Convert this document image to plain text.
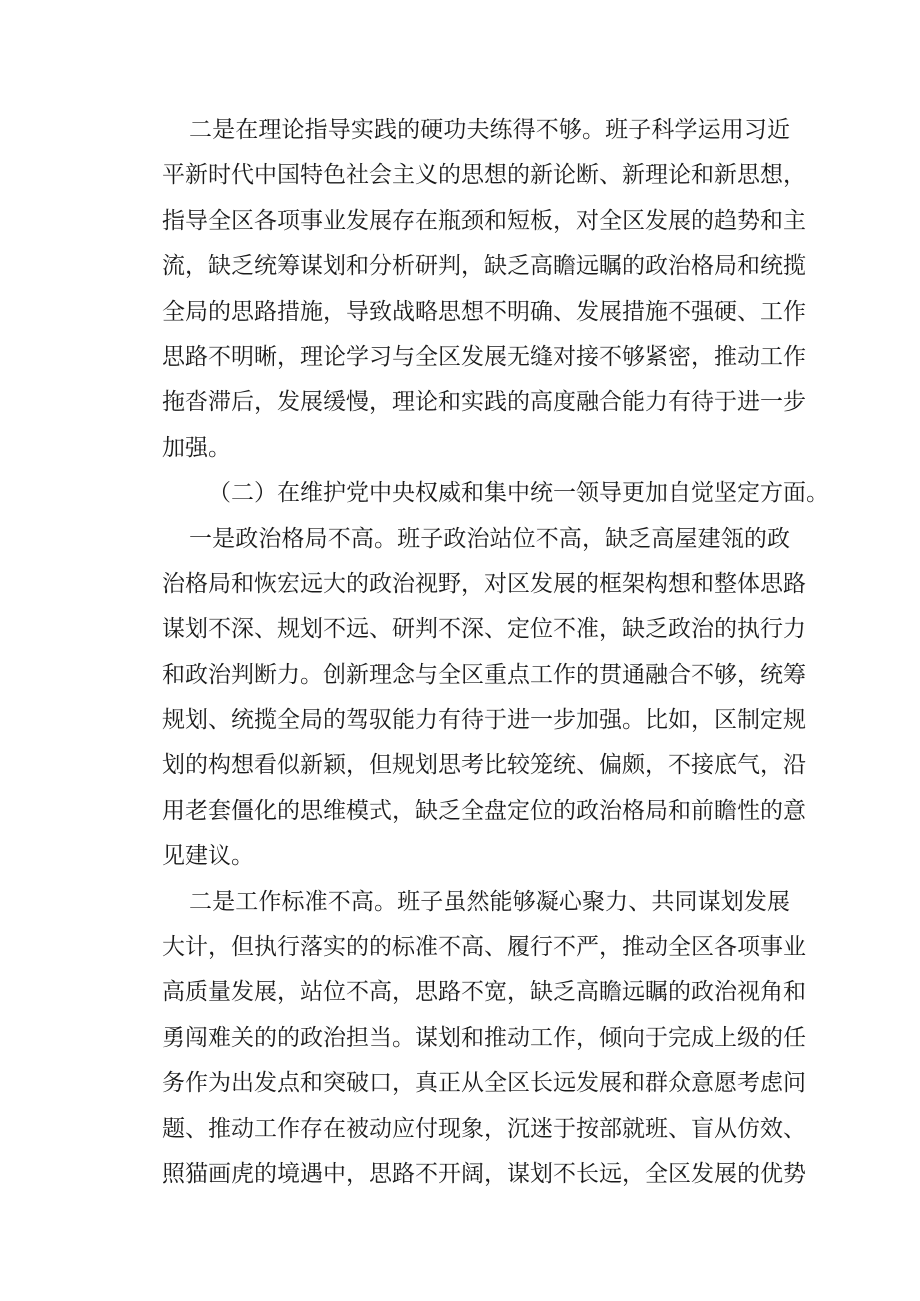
二是在理论指导实践的硬功夫练得不够。班子科学运用习近
平新时代中国特色社会主义的思想的新论断、新理论和新思想，
指导全区各项事业发展存在瓶颈和短板，对全区发展的趋势和主
流，缺乏统筹谋划和分析研判，缺乏高瞻远瞩的政治格局和统揽
全局的思路措施，导致战略思想不明确、发展措施不强硬、工作
思路不明晰，理论学习与全区发展无缝对接不够紧密，推动工作
拖沓滞后，发展缓慢，理论和实践的高度融合能力有待于进一步
加强。
（二）在维护党中央权威和集中统一领导更加自觉坚定方面。
一是政治格局不高。班子政治站位不高，缺乏高屋建瓴的政
治格局和恢宏远大的政治视野，对区发展的框架构想和整体思路
谋划不深、规划不远、研判不深、定位不准，缺乏政治的执行力
和政治判断力。创新理念与全区重点工作的贯通融合不够，统筹
规划、统揽全局的驾驭能力有待于进一步加强。比如，区制定规
划的构想看似新颖，但规划思考比较笼统、偏颇，不接底气，沿
用老套僵化的思维模式，缺乏全盘定位的政治格局和前瞻性的意
见建议。
二是工作标准不高。班子虽然能够凝心聚力、共同谋划发展
大计，但执行落实的的标准不高、履行不严，推动全区各项事业
高质量发展，站位不高，思路不宽，缺乏高瞻远瞩的政治视角和
勇闯难关的的政治担当。谋划和推动工作，倾向于完成上级的任
务作为出发点和突破口，真正从全区长远发展和群众意愿考虑问
题、推动工作存在被动应付现象，沉迷于按部就班、盲从仿效、
照猫画虎的境遇中，思路不开阔，谋划不长远，全区发展的优势
